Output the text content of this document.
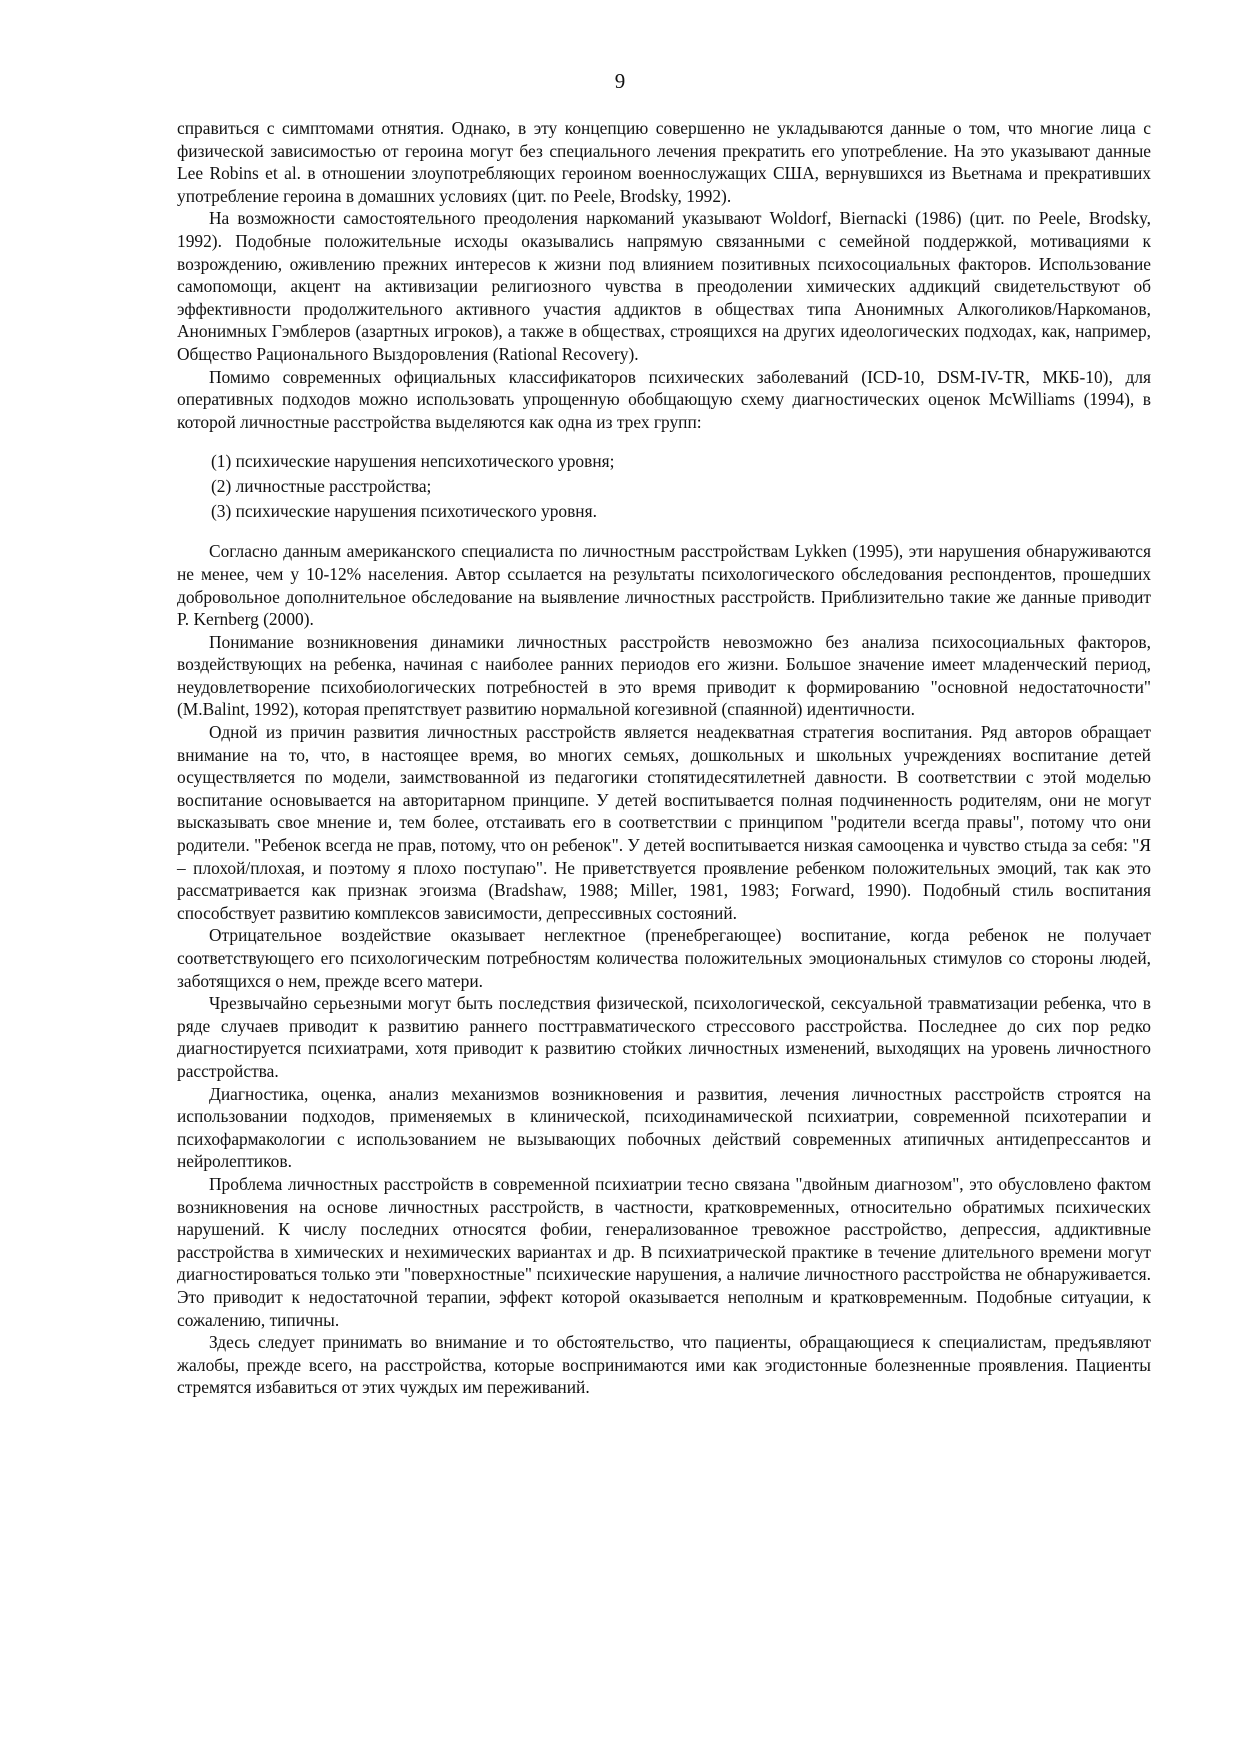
9

справиться с симптомами отнятия. Однако, в эту концепцию совершенно не укладываются данные о том, что многие лица с физической зависимостью от героина могут без специального лечения прекратить его употребление. На это указывают данные Lee Robins et al. в отношении злоупотребляющих героином военнослужащих США, вернувшихся из Вьетнама и прекративших употребление героина в домашних условиях (цит. по Peele, Brodsky, 1992).

На возможности самостоятельного преодоления наркоманий указывают Woldorf, Biernacki (1986) (цит. по Peele, Brodsky, 1992). Подобные положительные исходы оказывались напрямую связанными с семейной поддержкой, мотивациями к возрождению, оживлению прежних интересов к жизни под влиянием позитивных психосоциальных факторов. Использование самопомощи, акцент на активизации религиозного чувства в преодолении химических аддикций свидетельствуют об эффективности продолжительного активного участия аддиктов в обществах типа Анонимных Алкоголиков/Наркоманов, Анонимных Гэмблеров (азартных игроков), а также в обществах, строящихся на других идеологических подходах, как, например, Общество Рационального Выздоровления (Rational Recovery).

Помимо современных официальных классификаторов психических заболеваний (ICD-10, DSM-IV-TR, МКБ-10), для оперативных подходов можно использовать упрощенную обобщающую схему диагностических оценок McWilliams (1994), в которой личностные расстройства выделяются как одна из трех групп:

(1) психические нарушения непсихотического уровня;
(2) личностные расстройства;
(3) психические нарушения психотического уровня.

Согласно данным американского специалиста по личностным расстройствам Lykken (1995), эти нарушения обнаруживаются не менее, чем у 10-12% населения. Автор ссылается на результаты психологического обследования респондентов, прошедших добровольное дополнительное обследование на выявление личностных расстройств. Приблизительно такие же данные приводит P. Kernberg (2000).

Понимание возникновения динамики личностных расстройств невозможно без анализа психосоциальных факторов, воздействующих на ребенка, начиная с наиболее ранних периодов его жизни. Большое значение имеет младенческий период, неудовлетворение психобиологических потребностей в это время приводит к формированию "основной недостаточности" (M.Balint, 1992), которая препятствует развитию нормальной когезивной (спаянной) идентичности.

Одной из причин развития личностных расстройств является неадекватная стратегия воспитания. Ряд авторов обращает внимание на то, что, в настоящее время, во многих семьях, дошкольных и школьных учреждениях воспитание детей осуществляется по модели, заимствованной из педагогики стопятидесятилетней давности. В соответствии с этой моделью воспитание основывается на авторитарном принципе. У детей воспитывается полная подчиненность родителям, они не могут высказывать свое мнение и, тем более, отстаивать его в соответствии с принципом "родители всегда правы", потому что они родители. "Ребенок всегда не прав, потому, что он ребенок". У детей воспитывается низкая самооценка и чувство стыда за себя: "Я – плохой/плохая, и поэтому я плохо поступаю". Не приветствуется проявление ребенком положительных эмоций, так как это рассматривается как признак эгоизма (Bradshaw, 1988; Miller, 1981, 1983; Forward, 1990). Подобный стиль воспитания способствует развитию комплексов зависимости, депрессивных состояний.

Отрицательное воздействие оказывает неглектное (пренебрегающее) воспитание, когда ребенок не получает соответствующего его психологическим потребностям количества положительных эмоциональных стимулов со стороны людей, заботящихся о нем, прежде всего матери.

Чрезвычайно серьезными могут быть последствия физической, психологической, сексуальной травматизации ребенка, что в ряде случаев приводит к развитию раннего посттравматического стрессового расстройства. Последнее до сих пор редко диагностируется психиатрами, хотя приводит к развитию стойких личностных изменений, выходящих на уровень личностного расстройства.

Диагностика, оценка, анализ механизмов возникновения и развития, лечения личностных расстройств строятся на использовании подходов, применяемых в клинической, психодинамической психиатрии, современной психотерапии и психофармакологии с использованием не вызывающих побочных действий современных атипичных антидепрессантов и нейролептиков.

Проблема личностных расстройств в современной психиатрии тесно связана "двойным диагнозом", это обусловлено фактом возникновения на основе личностных расстройств, в частности, кратковременных, относительно обратимых психических нарушений. К числу последних относятся фобии, генерализованное тревожное расстройство, депрессия, аддиктивные расстройства в химических и нехимических вариантах и др. В психиатрической практике в течение длительного времени могут диагностироваться только эти "поверхностные" психические нарушения, а наличие личностного расстройства не обнаруживается. Это приводит к недостаточной терапии, эффект которой оказывается неполным и кратковременным. Подобные ситуации, к сожалению, типичны.

Здесь следует принимать во внимание и то обстоятельство, что пациенты, обращающиеся к специалистам, предъявляют жалобы, прежде всего, на расстройства, которые воспринимаются ими как эгодистонные болезненные проявления. Пациенты стремятся избавиться от этих чуждых им переживаний.
